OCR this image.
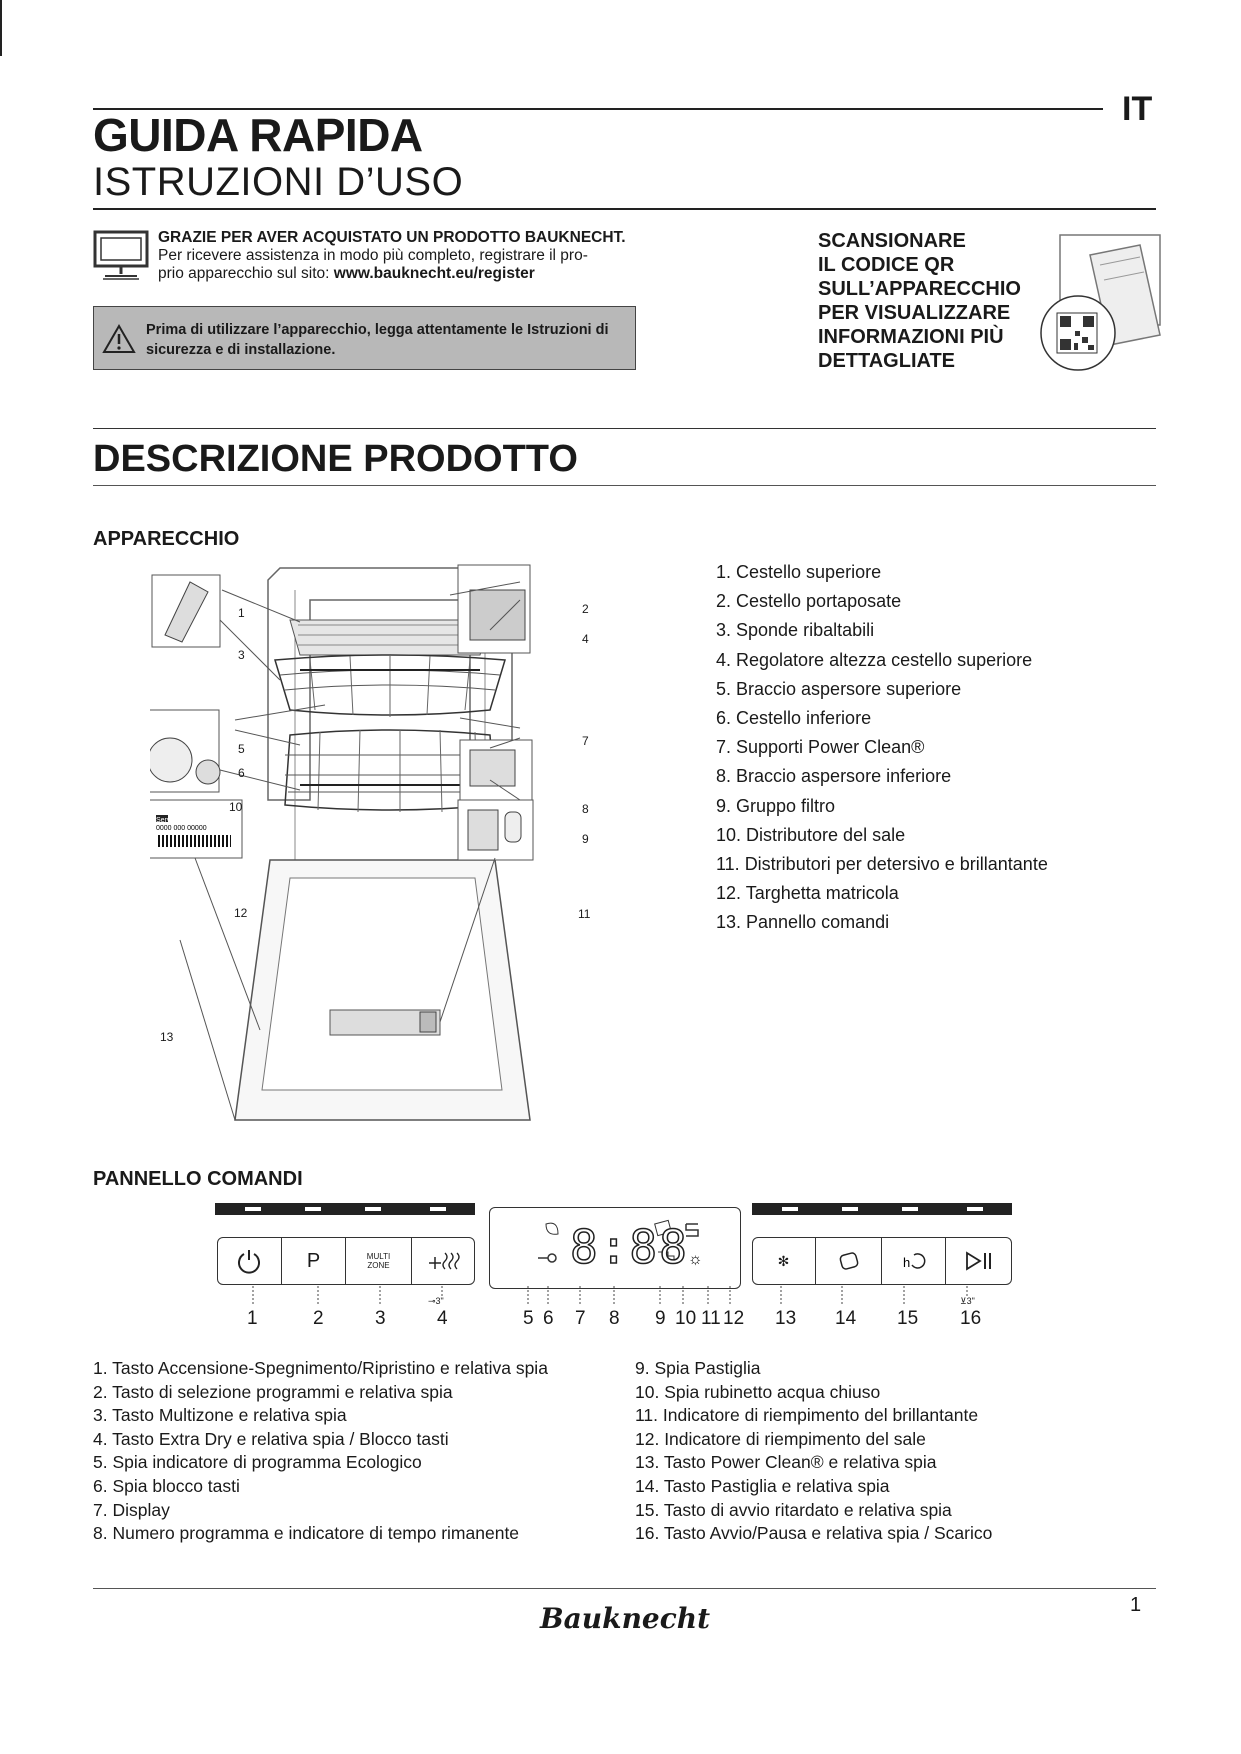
IT
GUIDA RAPIDA
ISTRUZIONI D’USO
GRAZIE PER AVER ACQUISTATO UN PRODOTTO BAUKNECHT.
Per ricevere assistenza in modo più completo, registrare il pro-
prio apparecchio sul sito: www.bauknecht.eu/register
Prima di utilizzare l’apparecchio, legga attentamente le Istruzioni di
sicurezza e di installazione.
SCANSIONARE
IL CODICE QR
SULL’APPARECCHIO
PER VISUALIZZARE
INFORMAZIONI PIÙ
DETTAGLIATE
DESCRIZIONE PRODOTTO
APPARECCHIO
Service:
0000 000 00000
1	2
3
4
5
6
7
8
9
10
11
12
13
1. Cestello superiore
2. Cestello portaposate
3. Sponde ribaltabili
4. Regolatore altezza cestello superiore
5. Braccio aspersore superiore
6. Cestello inferiore
7. Supporti Power Clean®
8. Braccio aspersore inferiore
9. Gruppo filtro
10. Distributore del sale
11. Distributori per detersivo e brillantante
12. Targhetta matricola
13. Pannello comandi
PANNELLO COMANDI
P	MULTI ZONE	☼
8:88	✻	h
⊸3"	⊻3"
1	2	3	4	5 6 7 8 9 10 11 12 13 14 15 16
1. Tasto Accensione-Spegnimento/Ripristino e relativa spia
2. Tasto di selezione programmi e relativa spia
3. Tasto Multizone e relativa spia
4. Tasto Extra Dry e relativa spia / Blocco tasti
5. Spia indicatore di programma Ecologico
6. Spia blocco tasti
7. Display
8. Numero programma e indicatore di tempo rimanente
9. Spia Pastiglia
10. Spia rubinetto acqua chiuso
11. Indicatore di riempimento del brillantante
12. Indicatore di riempimento del sale
13. Tasto Power Clean® e relativa spia
14. Tasto Pastiglia e relativa spia
15. Tasto di avvio ritardato e relativa spia
16. Tasto Avvio/Pausa e relativa spia / Scarico
1
Bauknecht
